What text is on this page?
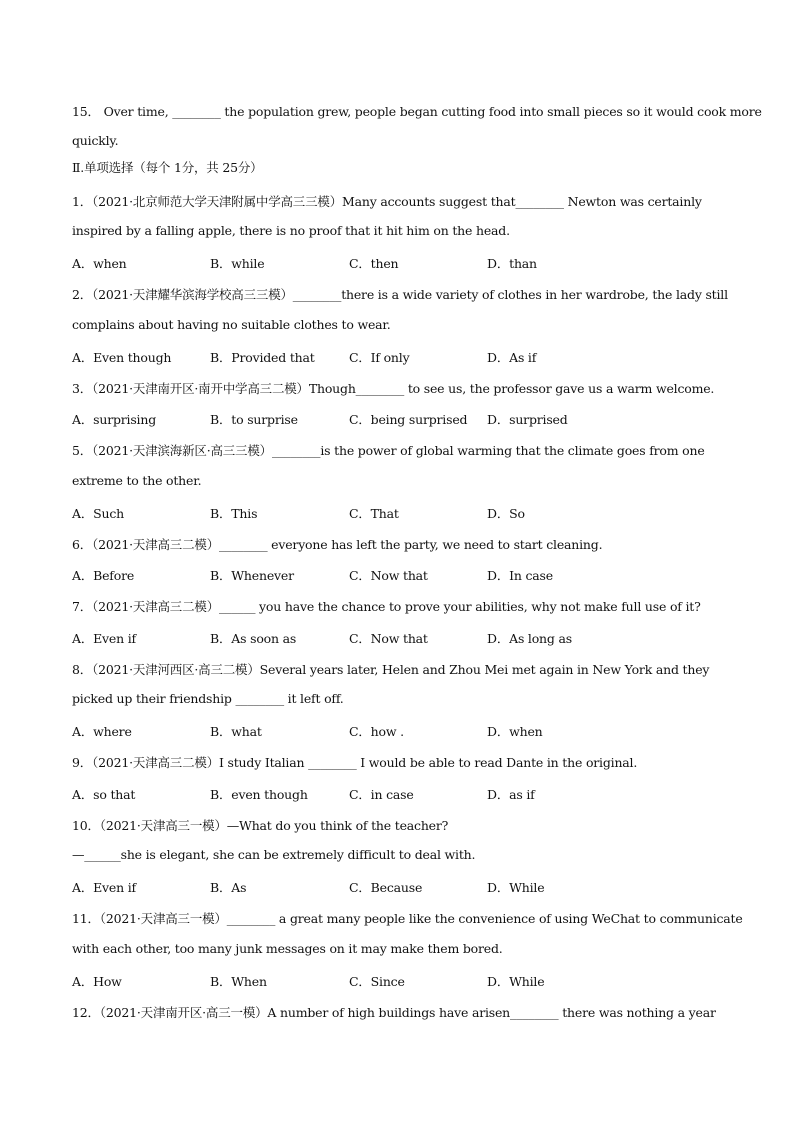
15． Over time, ________ the population grew, people began cutting food into small pieces so it would cook more
quickly.
Ⅱ.单项选择（每个 1分，共 25分）
1．（2021·北京师范大学天津附属中学高三三模）Many accounts suggest that________ Newton was certainly
inspired by a falling apple, there is no proof that it hit him on the head.
A．when	B．while	C．then	D．than
2．（2021·天津耀华滨海学校高三三模）________there is a wide variety of clothes in her wardrobe, the lady still
complains about having no suitable clothes to wear.
A．Even though	B．Provided that	C．If only	D．As if
3．（2021·天津南开区·南开中学高三二模）Though________ to see us, the professor gave us a warm welcome.
A．surprising	B．to surprise	C．being surprised D．surprised
5．（2021·天津滨海新区·高三三模）________is the power of global warming that the climate goes from one
extreme to the other.
A．Such	B．This	C．That	D．So
6．（2021·天津高三二模）________ everyone has left the party, we need to start cleaning.
A．Before	B．Whenever	C．Now that	D．In case
7．（2021·天津高三二模）______ you have the chance to prove your abilities, why not make full use of it?
A．Even if	B．As soon as	C．Now that	D．As long as
8．（2021·天津河西区·高三二模）Several years later, Helen and Zhou Mei met again in New York and they
picked up their friendship ________ it left off.
A．where	B．what	C．how .	D．when
9．（2021·天津高三二模）I study Italian ________ I would be able to read Dante in the original.
A．so that	B．even though	C．in case	D．as if
10．（2021·天津高三一模）—What do you think of the teacher?
—______she is elegant, she can be extremely difficult to deal with.
A．Even if	B．As	C．Because	D．While
11．（2021·天津高三一模）________ a great many people like the convenience of using WeChat to communicate
with each other, too many junk messages on it may make them bored.
A．How	B．When	C．Since	D．While
12．（2021·天津南开区·高三一模）A number of high buildings have arisen________ there was nothing a year
